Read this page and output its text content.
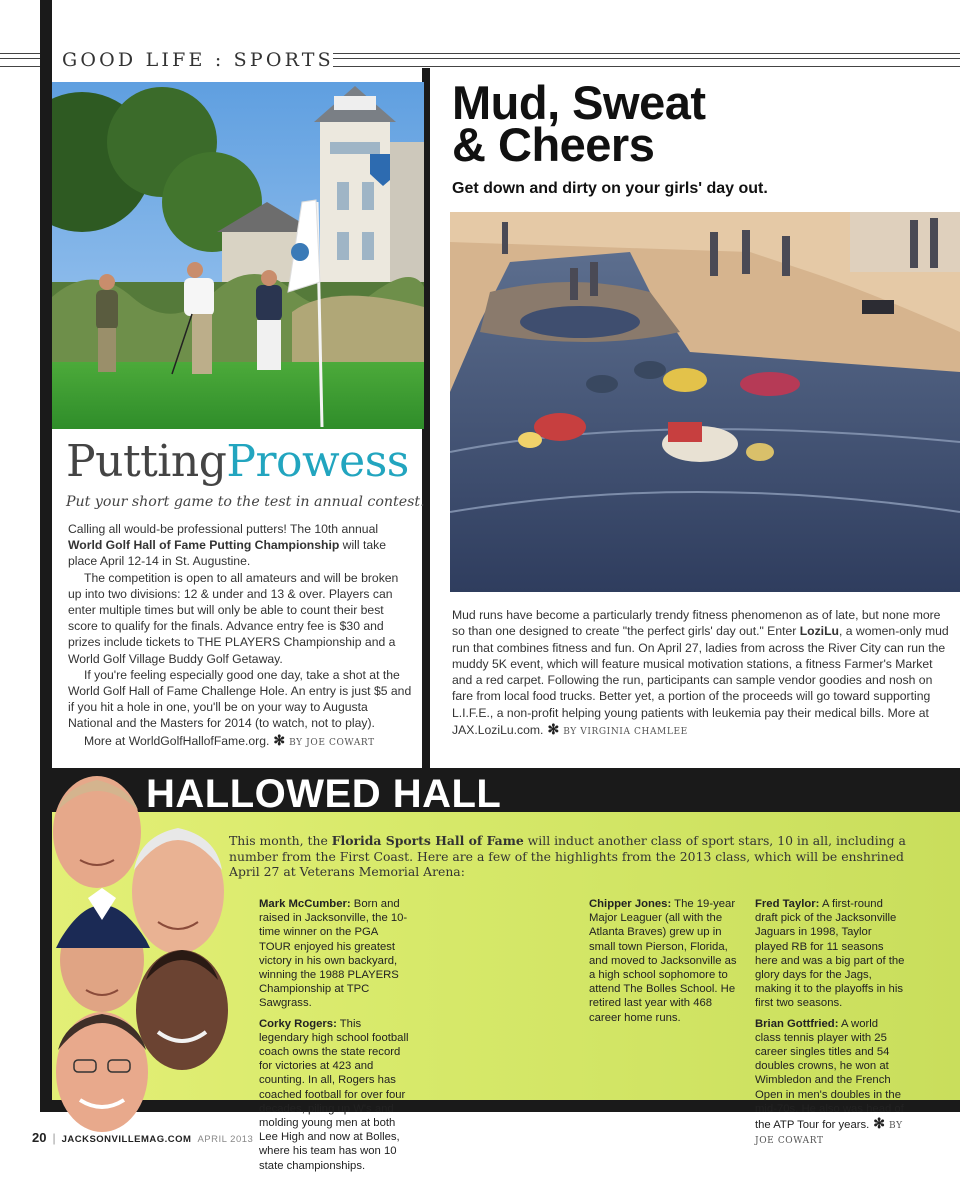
GOOD LIFE : SPORTS
PuttingProwess
Put your short game to the test in annual contest.

Calling all would-be professional putters! The 10th annual World Golf Hall of Fame Putting Championship will take place April 12-14 in St. Augustine.

The competition is open to all amateurs and will be broken up into two divisions: 12 & under and 13 & over. Players can enter multiple times but will only be able to count their best score to qualify for the finals. Advance entry fee is $30 and prizes include tickets to THE PLAYERS Championship and a World Golf Village Buddy Golf Getaway.

If you're feeling especially good one day, take a shot at the World Golf Hall of Fame Challenge Hole. An entry is just $5 and if you hit a hole in one, you'll be on your way to Augusta National and the Masters for 2014 (to watch, not to play).

More at WorldGolfHallofFame.org. ✻ BY JOE COWART

Mud, Sweat
& Cheers
Get down and dirty on your girls' day out.

Mud runs have become a particularly trendy fitness phenomenon as of late, but none more so than one designed to create "the perfect girls' day out." Enter LoziLu, a women-only mud run that combines fitness and fun. On April 27, ladies from across the River City can run the muddy 5K event, which will feature musical motivation stations, a fitness Farmer's Market and a red carpet. Following the run, participants can sample vendor goodies and nosh on fare from local food trucks. Better yet, a portion of the proceeds will go toward supporting L.I.F.E., a non-profit helping young patients with leukemia pay their medical bills. More at JAX.LoziLu.com. ✻ BY VIRGINIA CHAMLEE

HALLOWED HALL

This month, the Florida Sports Hall of Fame will induct another class of sport stars, 10 in all, including a number from the First Coast. Here are a few of the highlights from the 2013 class, which will be enshrined April 27 at Veterans Memorial Arena:

Mark McCumber: Born and raised in Jacksonville, the 10-time winner on the PGA TOUR enjoyed his greatest victory in his own backyard, winning the 1988 PLAYERS Championship at TPC Sawgrass.

Corky Rogers: This legendary high school football coach owns the state record for victories at 423 and counting. In all, Rogers has coached football for over four decades, piling up W's and molding young men at both Lee High and now at Bolles, where his team has won 10 state championships.

Chipper Jones: The 19-year Major Leaguer (all with the Atlanta Braves) grew up in small town Pierson, Florida, and moved to Jacksonville as a high school sophomore to attend The Bolles School. He retired last year with 468 career home runs.

Fred Taylor: A first-round draft pick of the Jacksonville Jaguars in 1998, Taylor played RB for 11 seasons here and was a big part of the glory days for the Jags, making it to the playoffs in his first two seasons.

Brian Gottfried: A world class tennis player with 25 career singles titles and 54 doubles crowns, he won at Wimbledon and the French Open in men's doubles in the mid-70s. He also was head of the ATP Tour for years. ✻ BY JOE COWART

20 | JACKSONVILLEMAG.COM APRIL 2013
